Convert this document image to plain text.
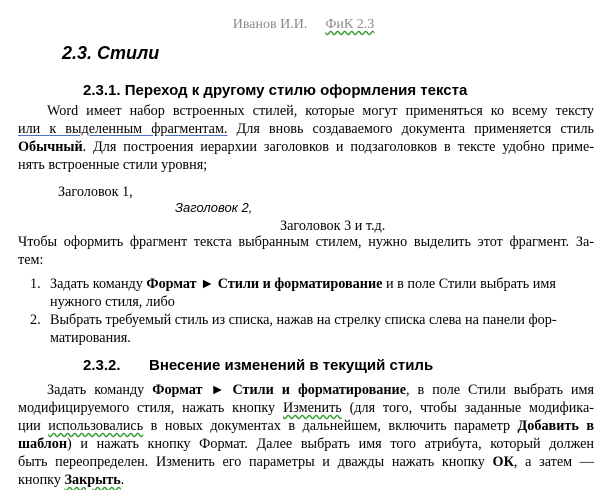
Иванов И.И. ФиК 2.3
2.3. Стили
2.3.1. Переход к другому стилю оформления текста
Word имеет набор встроенных стилей, которые могут применяться ко всему тексту
или к выделенным фрагментам. Для вновь создаваемого документа применяется стиль
Обычный. Для построения иерархии заголовков и подзаголовков в тексте удобно приме-
нять встроенные стили уровня;
Заголовок 1,
Заголовок 2,
Заголовок 3 и т.д.
Чтобы оформить фрагмент текста выбранным стилем, нужно выделить этот фрагмент. За-
тем:
1. Задать команду Формат ► Стили и форматирование и в поле Стили выбрать имя
нужного стиля, либо
2. Выбрать требуемый стиль из списка, нажав на стрелку списка слева на панели фор-
матирования.
2.3.2. Внесение изменений в текущий стиль
Задать команду Формат ► Стили и форматирование, в поле Стили выбрать имя
модифицируемого стиля, нажать кнопку Изменить (для того, чтобы заданные модифика-
ции использовались в новых документах в дальнейшем, включить параметр Добавить в
шаблон) и нажать кнопку Формат. Далее выбрать имя того атрибута, который должен
быть переопределен. Изменить его параметры и дважды нажать кнопку ОК, а затем —
кнопку Закрыть.
